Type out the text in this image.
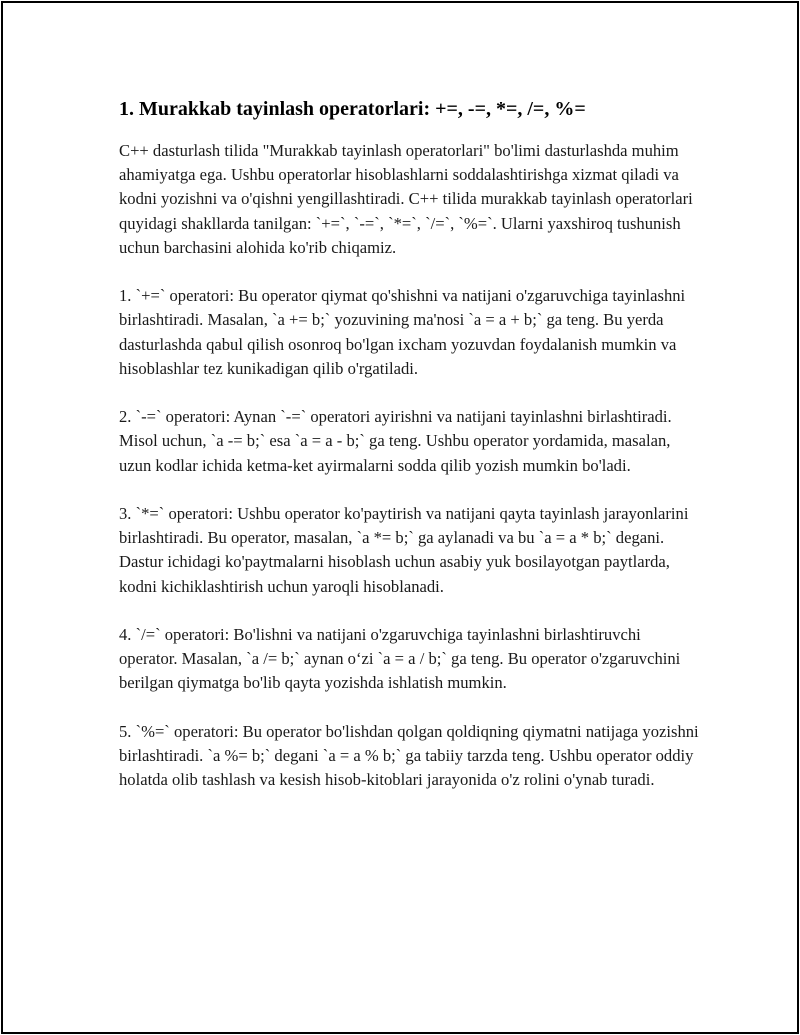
1. Murakkab tayinlash operatorlari: +=, -=, *=, /=, %=

C++ dasturlash tilida "Murakkab tayinlash operatorlari" bo'limi dasturlashda muhim ahamiyatga ega. Ushbu operatorlar hisoblashlarni soddalashtirishga xizmat qiladi va kodni yozishni va o'qishni yengillashtiradi. C++ tilida murakkab tayinlash operatorlari quyidagi shakllarda tanilgan: `+=`, `-=`, `*=`, `/=`, `%=`. Ularni yaxshiroq tushunish uchun barchasini alohida ko'rib chiqamiz.

1. `+=` operatori: Bu operator qiymat qo'shishni va natijani o'zgaruvchiga tayinlashni birlashtiradi. Masalan, `a += b;` yozuvining ma'nosi `a = a + b;` ga teng. Bu yerda dasturlashda qabul qilish osonroq bo'lgan ixcham yozuvdan foydalanish mumkin va hisoblashlar tez kunikadigan qilib o'rgatiladi.

2. `-=` operatori: Aynan `-=` operatori ayirishni va natijani tayinlashni birlashtiradi. Misol uchun, `a -= b;` esa `a = a - b;` ga teng. Ushbu operator yordamida, masalan, uzun kodlar ichida ketma-ket ayirmalarni sodda qilib yozish mumkin bo'ladi.

3. `*=` operatori: Ushbu operator ko'paytirish va natijani qayta tayinlash jarayonlarini birlashtiradi. Bu operator, masalan, `a *= b;` ga aylanadi va bu `a = a * b;` degani. Dastur ichidagi ko'paytmalarni hisoblash uchun asabiy yuk bosilayotgan paytlarda, kodni kichiklashtirish uchun yaroqli hisoblanadi.

4. `/=` operatori: Bo'lishni va natijani o'zgaruvchiga tayinlashni birlashtiruvchi operator. Masalan, `a /= b;` aynan o‘zi `a = a / b;` ga teng. Bu operator o'zgaruvchini berilgan qiymatga bo'lib qayta yozishda ishlatish mumkin.

5. `%=` operatori: Bu operator bo'lishdan qolgan qoldiqning qiymatni natijaga yozishni birlashtiradi. `a %= b;` degani `a = a % b;` ga tabiiy tarzda teng. Ushbu operator oddiy holatda olib tashlash va kesish hisob-kitoblari jarayonida o'z rolini o'ynab turadi.
